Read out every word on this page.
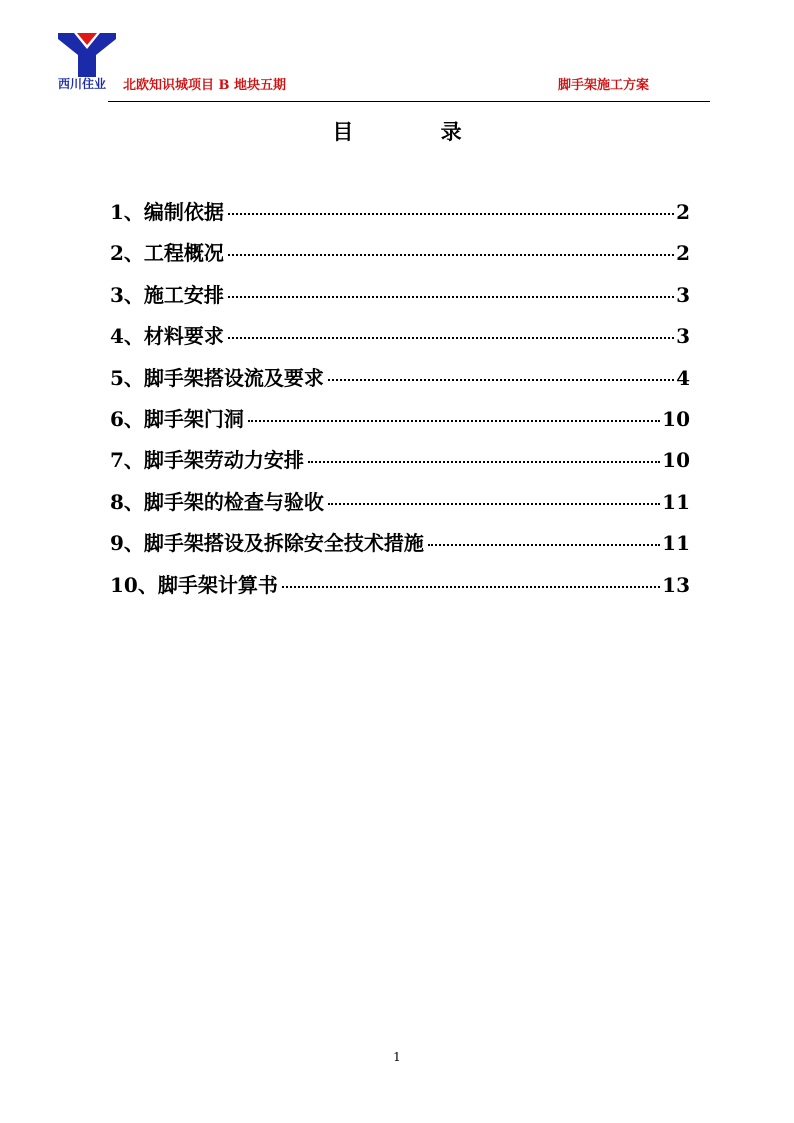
西川住业	北欧知识城项目 B 地块五期	脚手架施工方案
目 录
1、编制依据	2
2、工程概况	2
3、施工安排	3
4、材料要求	3
5、脚手架搭设流及要求	4
6、脚手架门洞	10
7、脚手架劳动力安排	10
8、脚手架的检查与验收	11
9、脚手架搭设及拆除安全技术措施	11
10、脚手架计算书	13
1
